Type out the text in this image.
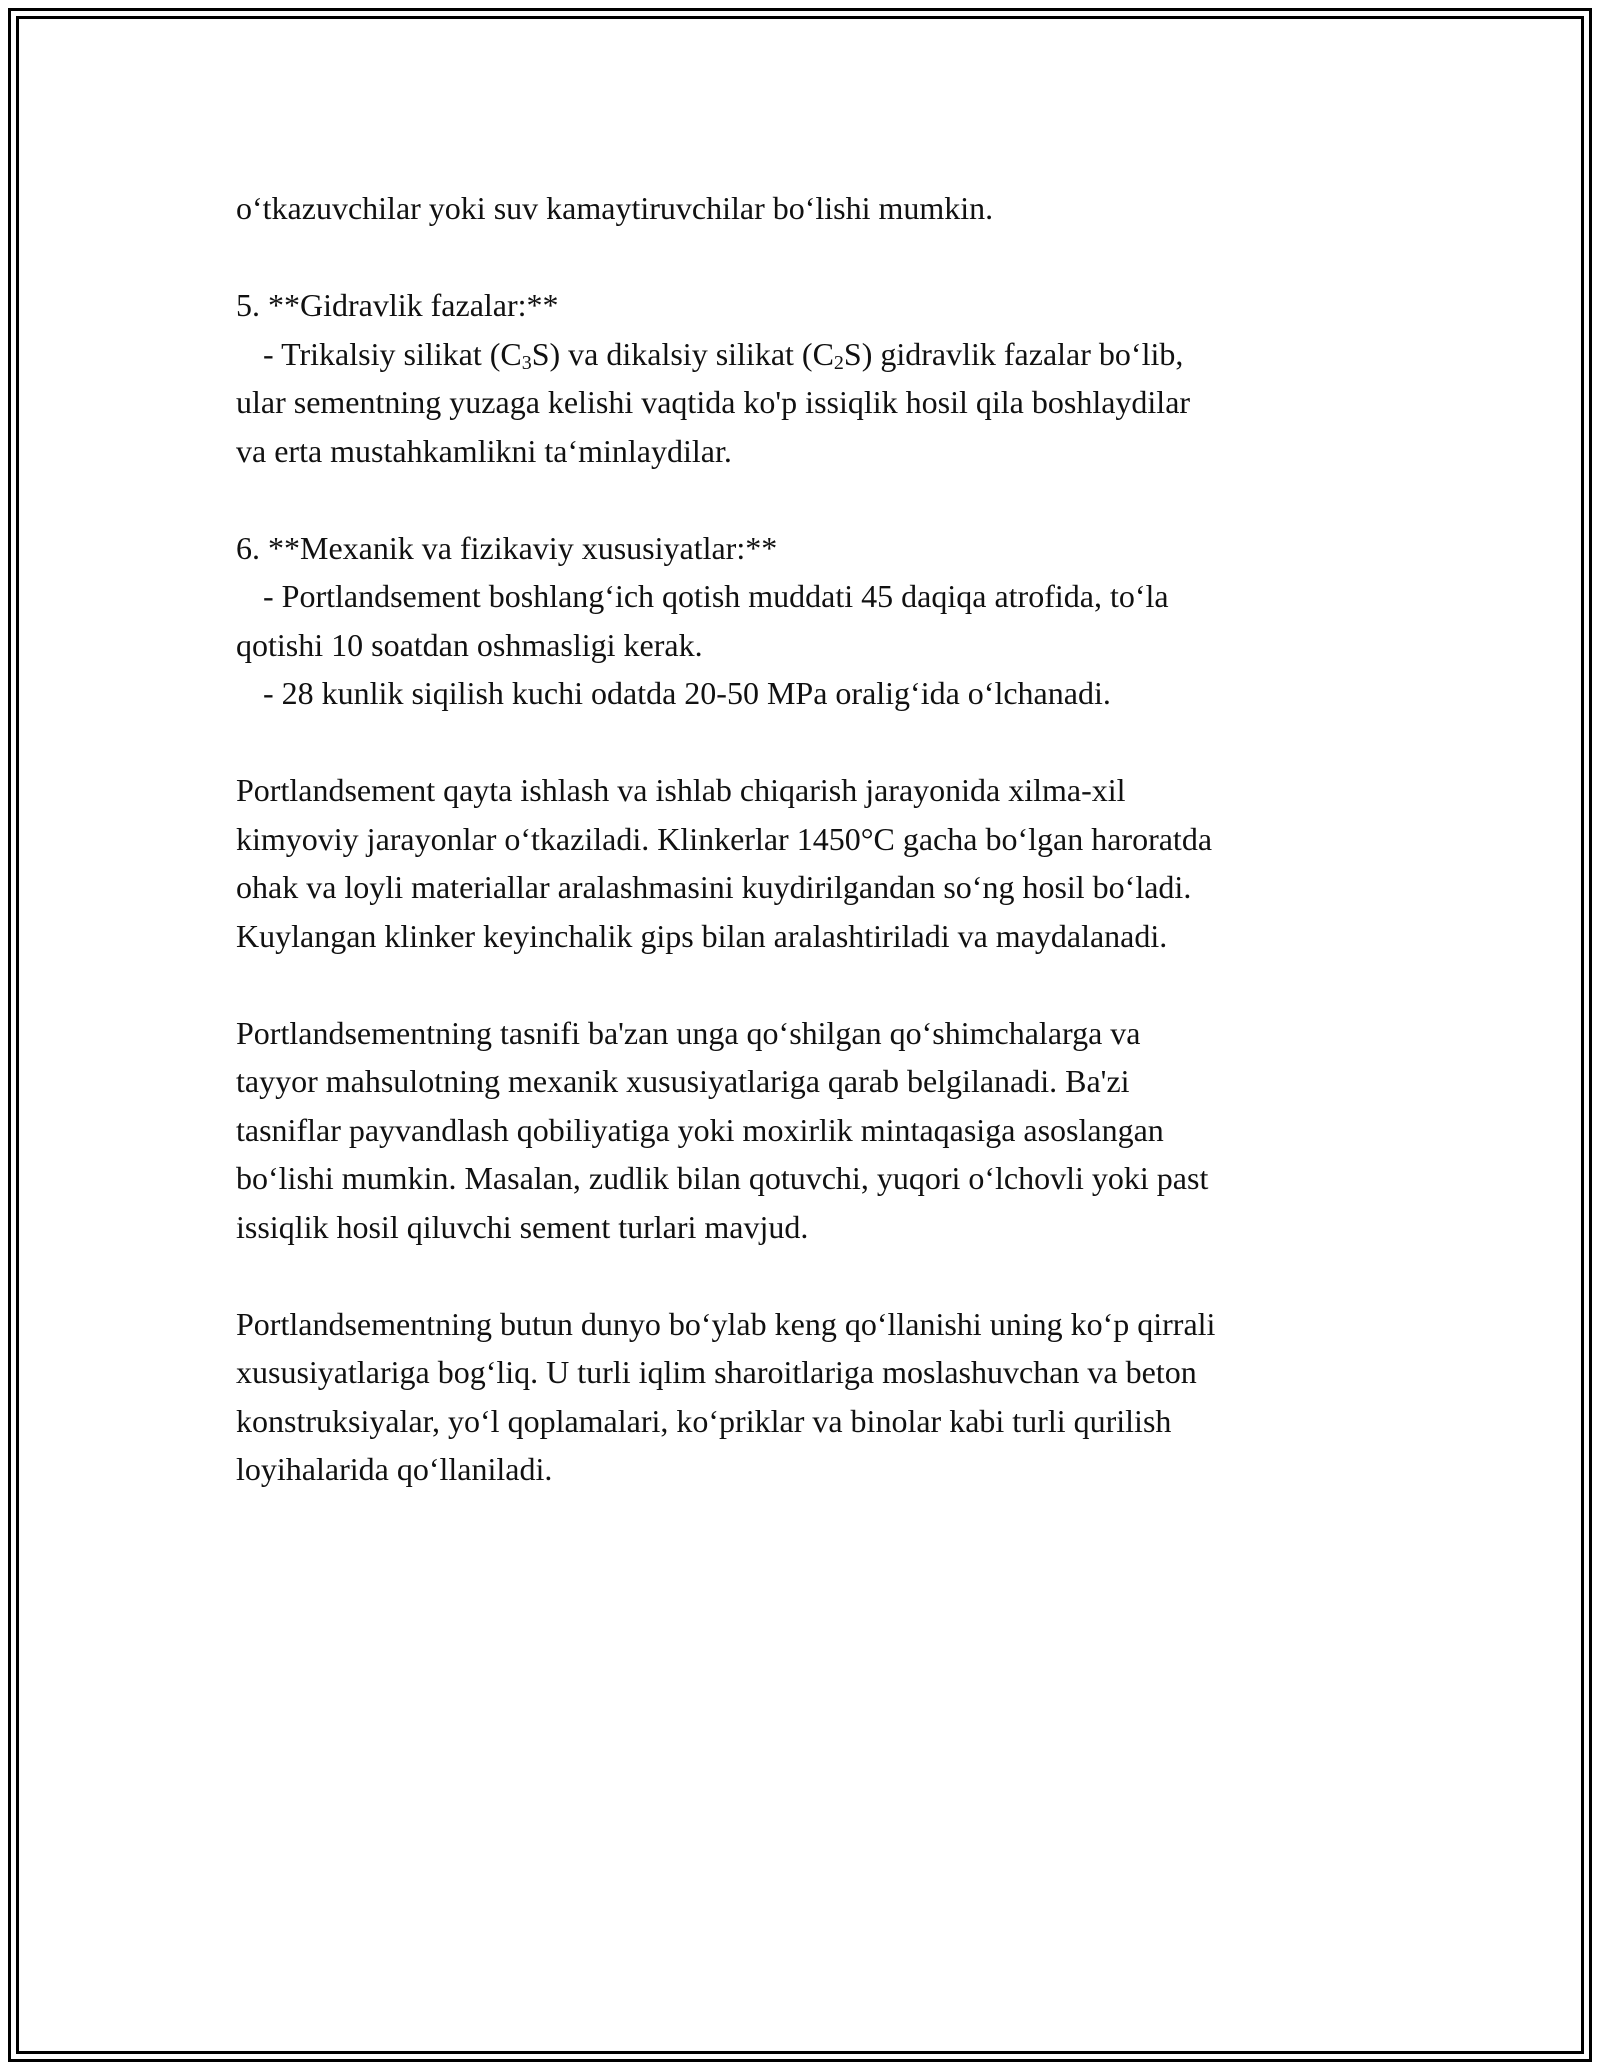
o‘tkazuvchilar yoki suv kamaytiruvchilar bo‘lishi mumkin.

5. **Gidravlik fazalar:**

- Trikalsiy silikat $(C_3S)$ va dikalsiy silikat $(C_2S)$ gidravlik fazalar bo‘lib,

ular sementning yuzaga kelishi vaqtida ko'p issiqlik hosil qila boshlaydilar

va erta mustahkamlikni ta‘minlaydilar.

6. **Mexanik va fizikaviy xususiyatlar:**

- Portlandsement boshlang‘ich qotish muddati 45 daqiqa atrofida, to‘la

qotishi 10 soatdan oshmasligi kerak.

- 28 kunlik siqilish kuchi odatda 20-50 MPa oralig‘ida o‘lchanadi.

Portlandsement qayta ishlash va ishlab chiqarish jarayonida xilma-xil

kimyoviy jarayonlar o‘tkaziladi. Klinkerlar 1450°C gacha bo‘lgan haroratda

ohak va loyli materiallar aralashmasini kuydirilgandan so‘ng hosil bo‘ladi.

Kuylangan klinker keyinchalik gips bilan aralashtiriladi va maydalanadi.

Portlandsementning tasnifi ba'zan unga qo‘shilgan qo‘shimchalarga va

tayyor mahsulotning mexanik xususiyatlariga qarab belgilanadi. Ba'zi

tasniflar payvandlash qobiliyatiga yoki moxirlik mintaqasiga asoslangan

bo‘lishi mumkin. Masalan, zudlik bilan qotuvchi, yuqori o‘lchovli yoki past

issiqlik hosil qiluvchi sement turlari mavjud.

Portlandsementning butun dunyo bo‘ylab keng qo‘llanishi uning ko‘p qirrali

xususiyatlariga bog‘liq. U turli iqlim sharoitlariga moslashuvchan va beton

konstruksiyalar, yo‘l qoplamalari, ko‘priklar va binolar kabi turli qurilish

loyihalarida qo‘llaniladi.
